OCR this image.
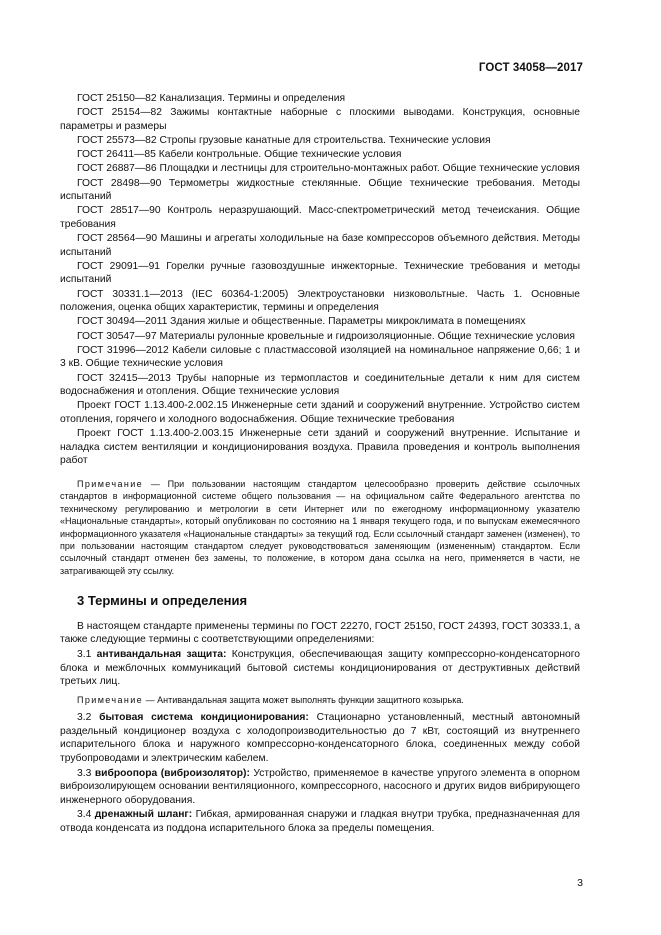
ГОСТ 34058—2017

ГОСТ 25150—82 Канализация. Термины и определения

ГОСТ 25154—82 Зажимы контактные наборные с плоскими выводами. Конструкция, основные параметры и размеры

ГОСТ 25573—82 Стропы грузовые канатные для строительства. Технические условия

ГОСТ 26411—85 Кабели контрольные. Общие технические условия

ГОСТ 26887—86 Площадки и лестницы для строительно-монтажных работ. Общие технические условия

ГОСТ 28498—90 Термометры жидкостные стеклянные. Общие технические требования. Методы испытаний

ГОСТ 28517—90 Контроль неразрушающий. Масс-спектрометрический метод течеискания. Общие требования

ГОСТ 28564—90 Машины и агрегаты холодильные на базе компрессоров объемного действия. Методы испытаний

ГОСТ 29091—91 Горелки ручные газовоздушные инжекторные. Технические требования и методы испытаний

ГОСТ 30331.1—2013 (IEC 60364-1:2005) Электроустановки низковольтные. Часть 1. Основные положения, оценка общих характеристик, термины и определения

ГОСТ 30494—2011 Здания жилые и общественные. Параметры микроклимата в помещениях

ГОСТ 30547—97 Материалы рулонные кровельные и гидроизоляционные. Общие технические условия

ГОСТ 31996—2012 Кабели силовые с пластмассовой изоляцией на номинальное напряжение 0,66; 1 и 3 кВ. Общие технические условия

ГОСТ 32415—2013 Трубы напорные из термопластов и соединительные детали к ним для систем водоснабжения и отопления. Общие технические условия

Проект ГОСТ 1.13.400-2.002.15 Инженерные сети зданий и сооружений внутренние. Устройство систем отопления, горячего и холодного водоснабжения. Общие технические требования

Проект ГОСТ 1.13.400-2.003.15 Инженерные сети зданий и сооружений внутренние. Испытание и наладка систем вентиляции и кондиционирования воздуха. Правила проведения и контроль выполнения работ

Примечание — При пользовании настоящим стандартом целесообразно проверить действие ссылочных стандартов в информационной системе общего пользования — на официальном сайте Федерального агентства по техническому регулированию и метрологии в сети Интернет или по ежегодному информационному указателю «Национальные стандарты», который опубликован по состоянию на 1 января текущего года, и по выпускам ежемесячного информационного указателя «Национальные стандарты» за текущий год. Если ссылочный стандарт заменен (изменен), то при пользовании настоящим стандартом следует руководствоваться заменяющим (измененным) стандартом. Если ссылочный стандарт отменен без замены, то положение, в котором дана ссылка на него, применяется в части, не затрагивающей эту ссылку.

3 Термины и определения

В настоящем стандарте применены термины по ГОСТ 22270, ГОСТ 25150, ГОСТ 24393, ГОСТ 30333.1, а также следующие термины с соответствующими определениями:

3.1 антивандальная защита: Конструкция, обеспечивающая защиту компрессорно-конденсаторного блока и межблочных коммуникаций бытовой системы кондиционирования от деструктивных действий третьих лиц.

Примечание — Антивандальная защита может выполнять функции защитного козырька.

3.2 бытовая система кондиционирования: Стационарно установленный, местный автономный раздельный кондиционер воздуха с холодопроизводительностью до 7 кВт, состоящий из внутреннего испарительного блока и наружного компрессорно-конденсаторного блока, соединенных между собой трубопроводами и электрическим кабелем.

3.3 виброопора (виброизолятор): Устройство, применяемое в качестве упругого элемента в опорном виброизолирующем основании вентиляционного, компрессорного, насосного и других видов вибрирующего инженерного оборудования.

3.4 дренажный шланг: Гибкая, армированная снаружи и гладкая внутри трубка, предназначенная для отвода конденсата из поддона испарительного блока за пределы помещения.

3
